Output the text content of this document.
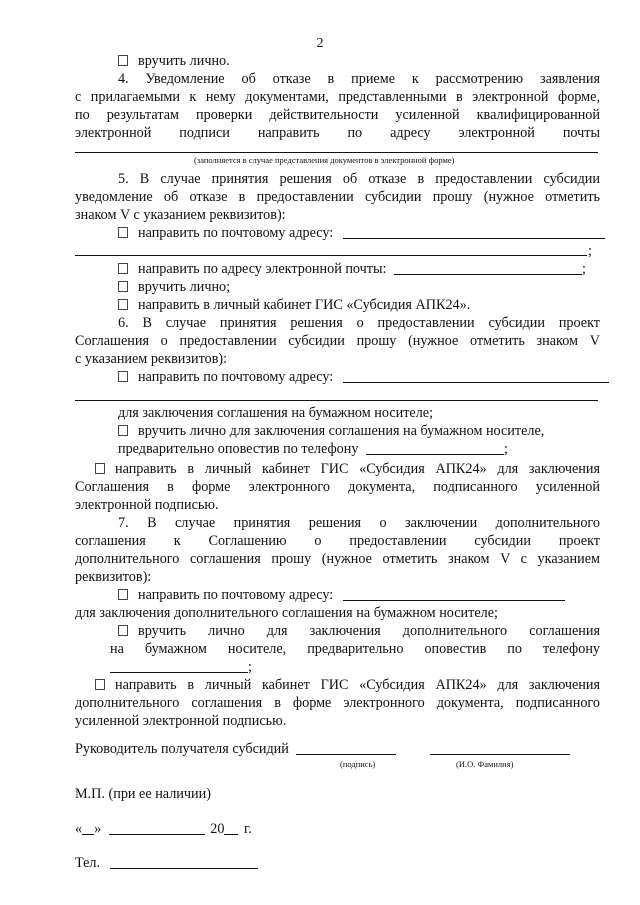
2
вручить лично.
4. Уведомление об отказе в приеме к рассмотрению заявления
с прилагаемыми к нему документами, представленными в электронной форме,
по результатам проверки действительности усиленной квалифицированной
электронной подписи направить по адресу электронной почты
(заполняется в случае представления документов в электронной форме)
5. В случае принятия решения об отказе в предоставлении субсидии
уведомление об отказе в предоставлении субсидии прошу (нужное отметить
знаком V с указанием реквизитов):
направить по почтовому адресу:
;
направить по адресу электронной почты:	;
вручить лично;
направить в личный кабинет ГИС «Субсидия АПК24».
6. В случае принятия решения о предоставлении субсидии проект
Соглашения о предоставлении субсидии прошу (нужное отметить знаком V
с указанием реквизитов):
направить по почтовому адресу:
для заключения соглашения на бумажном носителе;
вручить лично для заключения соглашения на бумажном носителе,
предварительно оповестив по телефону	;
направить в личный кабинет ГИС «Субсидия АПК24» для заключения
Соглашения в форме электронного документа, подписанного усиленной
электронной подписью.
7. В случае принятия решения о заключении дополнительного
соглашения к Соглашению о предоставлении субсидии проект
дополнительного соглашения прошу (нужное отметить знаком V с указанием
реквизитов):
направить по почтовому адресу:
для заключения дополнительного соглашения на бумажном носителе;
вручить лично для заключения дополнительного соглашения
на бумажном носителе, предварительно оповестив по телефону
;
направить в личный кабинет ГИС «Субсидия АПК24» для заключения
дополнительного соглашения в форме электронного документа, подписанного
усиленной электронной подписью.
Руководитель получателя субсидий
(подпись)	(И.О. Фамилия)
М.П. (при ее наличии)
« »	20 г.
Тел.
